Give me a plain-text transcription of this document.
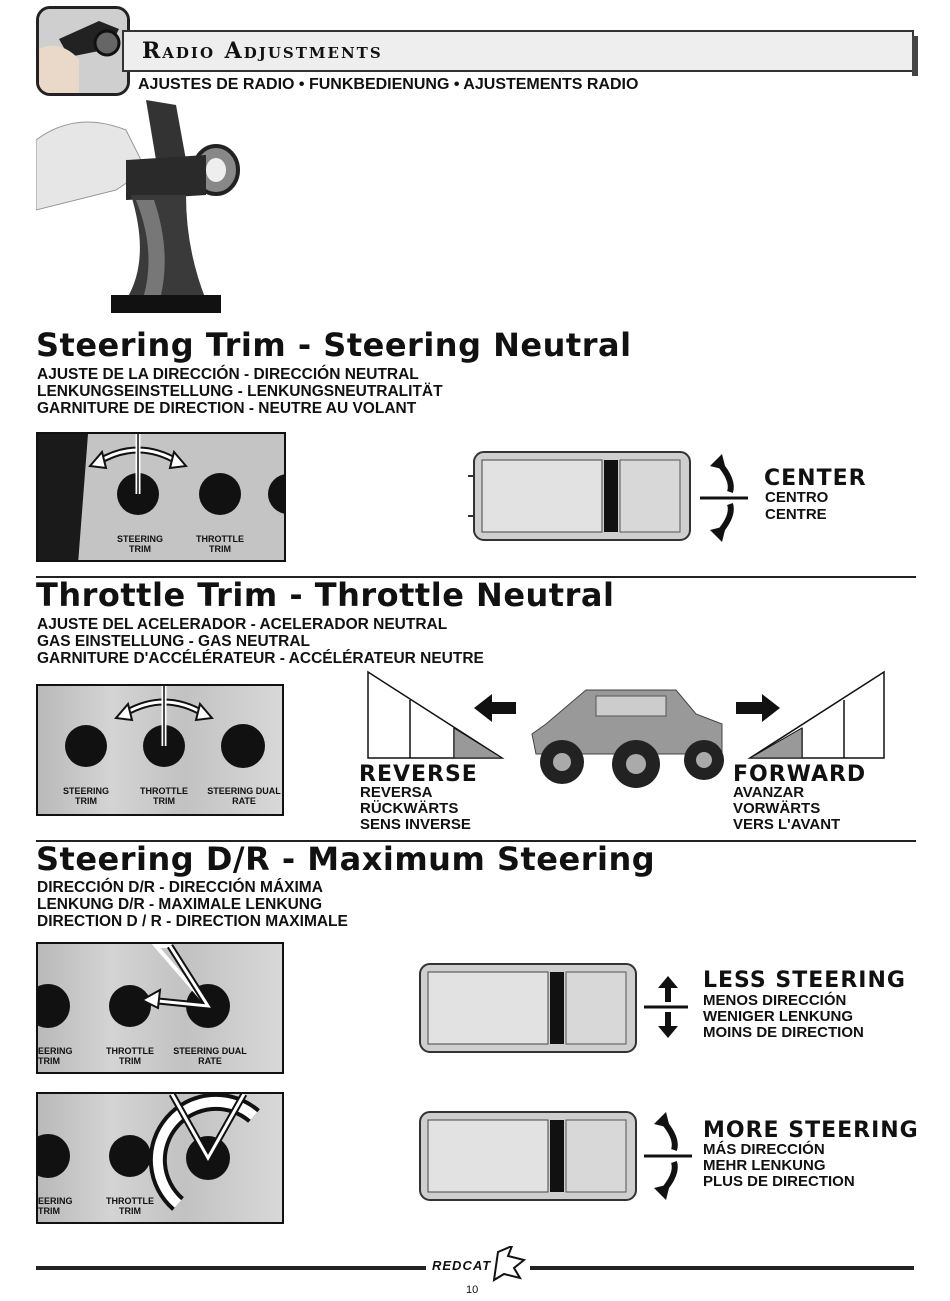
Radio Adjustments
AJUSTES DE RADIO • FUNKBEDIENUNG • AJUSTEMENTS RADIO
Steering Trim - Steering Neutral
AJUSTE DE LA DIRECCIÓN - DIRECCIÓN NEUTRAL
LENKUNGSEINSTELLUNG - LENKUNGSNEUTRALITÄT
GARNITURE DE DIRECTION - NEUTRE AU VOLANT
STEERING TRIM
THROTTLE TRIM
CENTER
CENTRO
CENTRE
Throttle Trim - Throttle Neutral
AJUSTE DEL ACELERADOR - ACELERADOR NEUTRAL
GAS EINSTELLUNG - GAS NEUTRAL
GARNITURE D'ACCÉLÉRATEUR - ACCÉLÉRATEUR NEUTRE
STEERING TRIM
THROTTLE TRIM
STEERING DUAL RATE
REVERSE
REVERSA
RÜCKWÄRTS
SENS INVERSE
FORWARD
AVANZAR
VORWÄRTS
VERS L'AVANT
Steering D/R - Maximum Steering
DIRECCIÓN D/R - DIRECCIÓN MÁXIMA
LENKUNG D/R - MAXIMALE LENKUNG
DIRECTION D / R - DIRECTION MAXIMALE
EERING TRIM
THROTTLE TRIM
STEERING DUAL RATE
EERING TRIM
THROTTLE TRIM
LESS STEERING
MENOS DIRECCIÓN
WENIGER LENKUNG
MOINS DE DIRECTION
MORE STEERING
MÁS DIRECCIÓN
MEHR LENKUNG
PLUS DE DIRECTION
REDCAT
10
